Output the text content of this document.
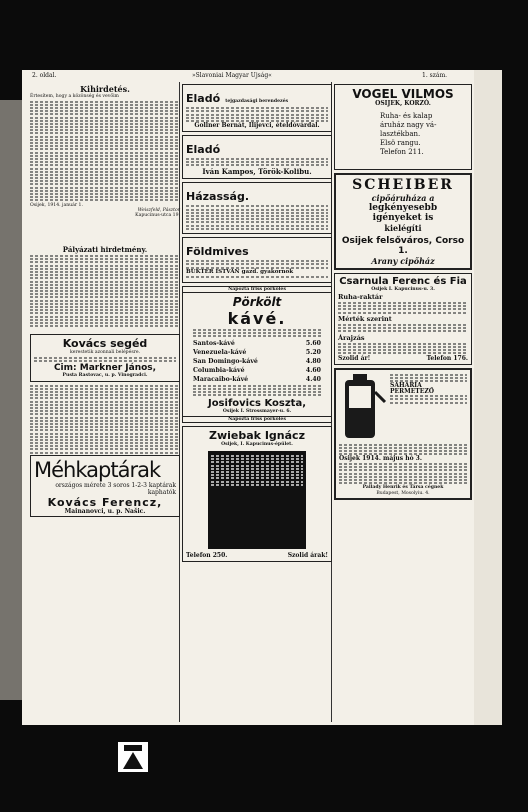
2. oldal.	»Slavoniai Magyar Ujság«	1. szám.
Kihirdetés.
Értesítem, hogy a közönség és vevőim
Osijek, 1914. január 1.
Weiszfeld, Pásztor
Kapucinus-utca 19.
Pályázati hirdetmény.
Kovács segéd
kerestetik azonnali belépésre.
Cim: Markner János,
Pusta Rastovac, u. p. Vinogradci.
Méhkaptárak
országos mérete 3 soros 1-2-3 kaptárak kaphatók
Kovács Ferencz,
Mainanovci, u. p. Našic.
Eladó tejgazdasági berendezés
Gollner Bernát, Ilijevci, ételdóvárdal.
Eladó
Iván Kampos, Török-Kolibu.
Házasság.
Földmives
BUKTER ISTVÁN gazd. gyakornok
Napozta friss pörkölés
Pörkölt
kávé.
Santos-kávé	5.60
Venezuela-kávé	5.20
San Domingo-kávé	4.80
Columbia-kávé	4.60
Maracaibo-kávé	4.40
Josifovics Koszta,
Osijek I. Strossmayer-u. 6.
Napozta friss pörkölés
Zwiebak Ignácz
Osijek, I. Kapucinus-épület.
Telefon 250.	Szolid árak!
VOGEL VILMOS
OSIJEK, KORZÓ.
Ruha- és kalap
áruház nagy vá-
lasztékban.
Elsö rangu.
Telefon 211.
SCHEIBER
cipőáruháza a
legkényesebb
igényeket is
kielégíti
Osijek felsőváros, Corso 1.
Arany cipőház
Csarnula Ferenc és Fia
Osijek I. Kapucinus-u. 3.
Ruha-raktár
Mérték szerint
Árajzás
Szolid ár!	Telefon 176.
SAHARIA PERMETEZŐ
Osijek 1914. május hó 3.
Pallady Henrik és Társa cégnek
Budapest, Mosolyiu. 4.
